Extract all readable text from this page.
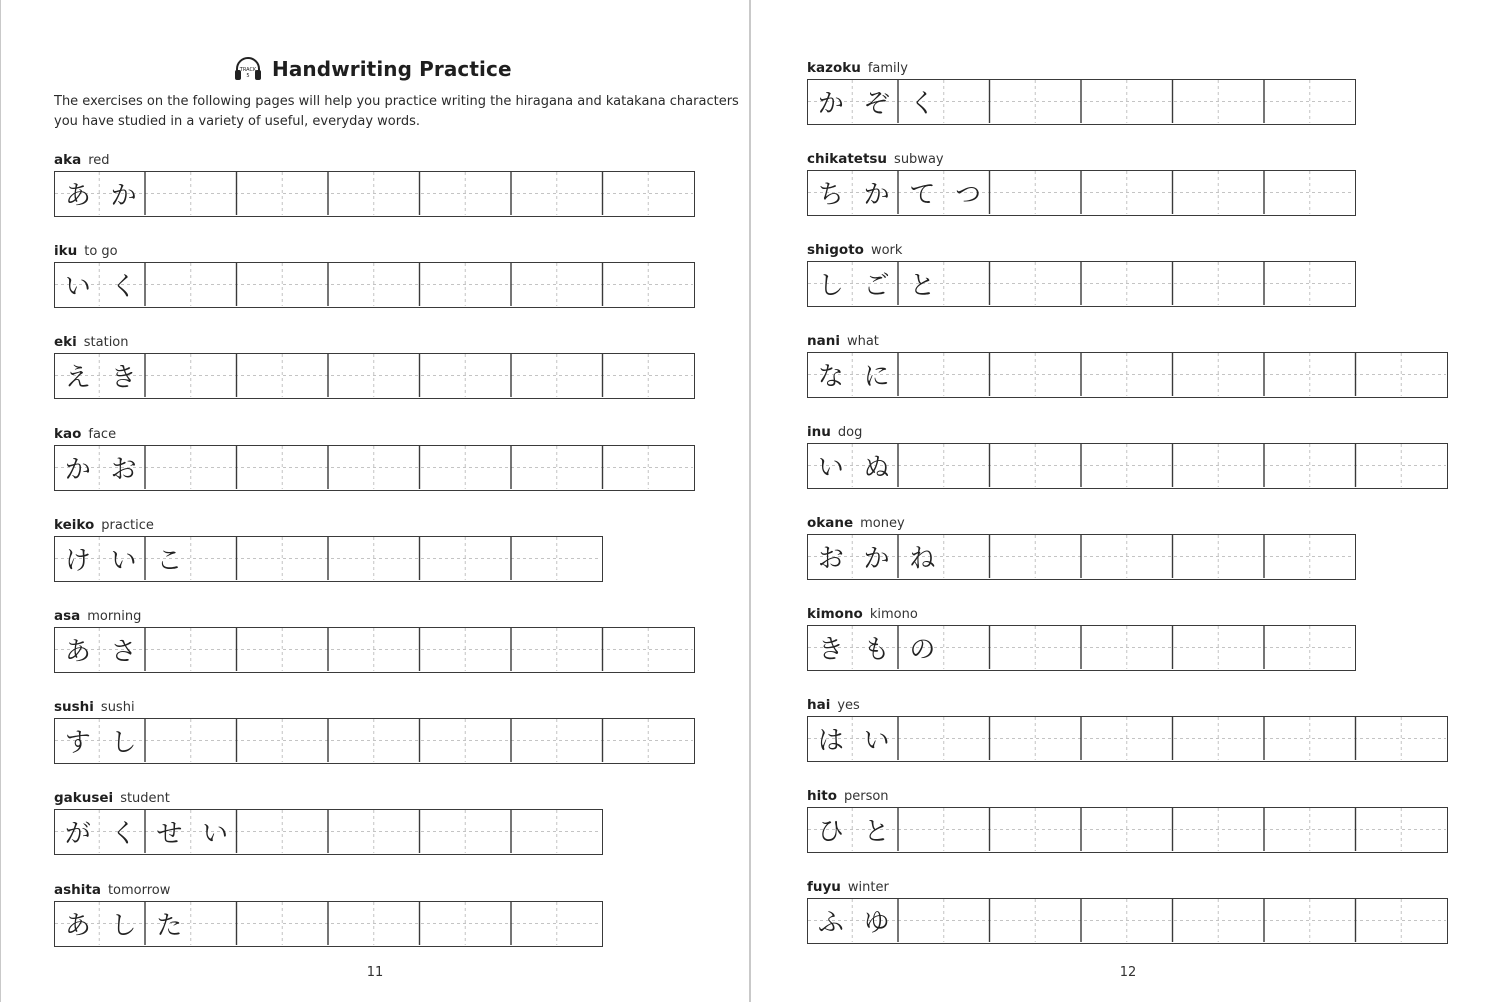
TRACK
5 Handwriting Practice
The exercises on the following pages will help you practice writing the hiragana and katakana characters
you have studied in a variety of useful, everyday words.
11
aka red
あ か
iku to go
い く
eki station
え き
kao face
か お
keiko practice
け い こ
asa morning
あ さ
sushi sushi
す し
gakusei student
が く せ い
ashita tomorrow
あ し た
12
kazoku family
か ぞ く
chikatetsu subway
ち か て つ
shigoto work
し ご と
nani what
な に
inu dog
い ぬ
okane money
お か ね
kimono kimono
き も の
hai yes
は い
hito person
ひ と
fuyu winter
ふ ゆ
